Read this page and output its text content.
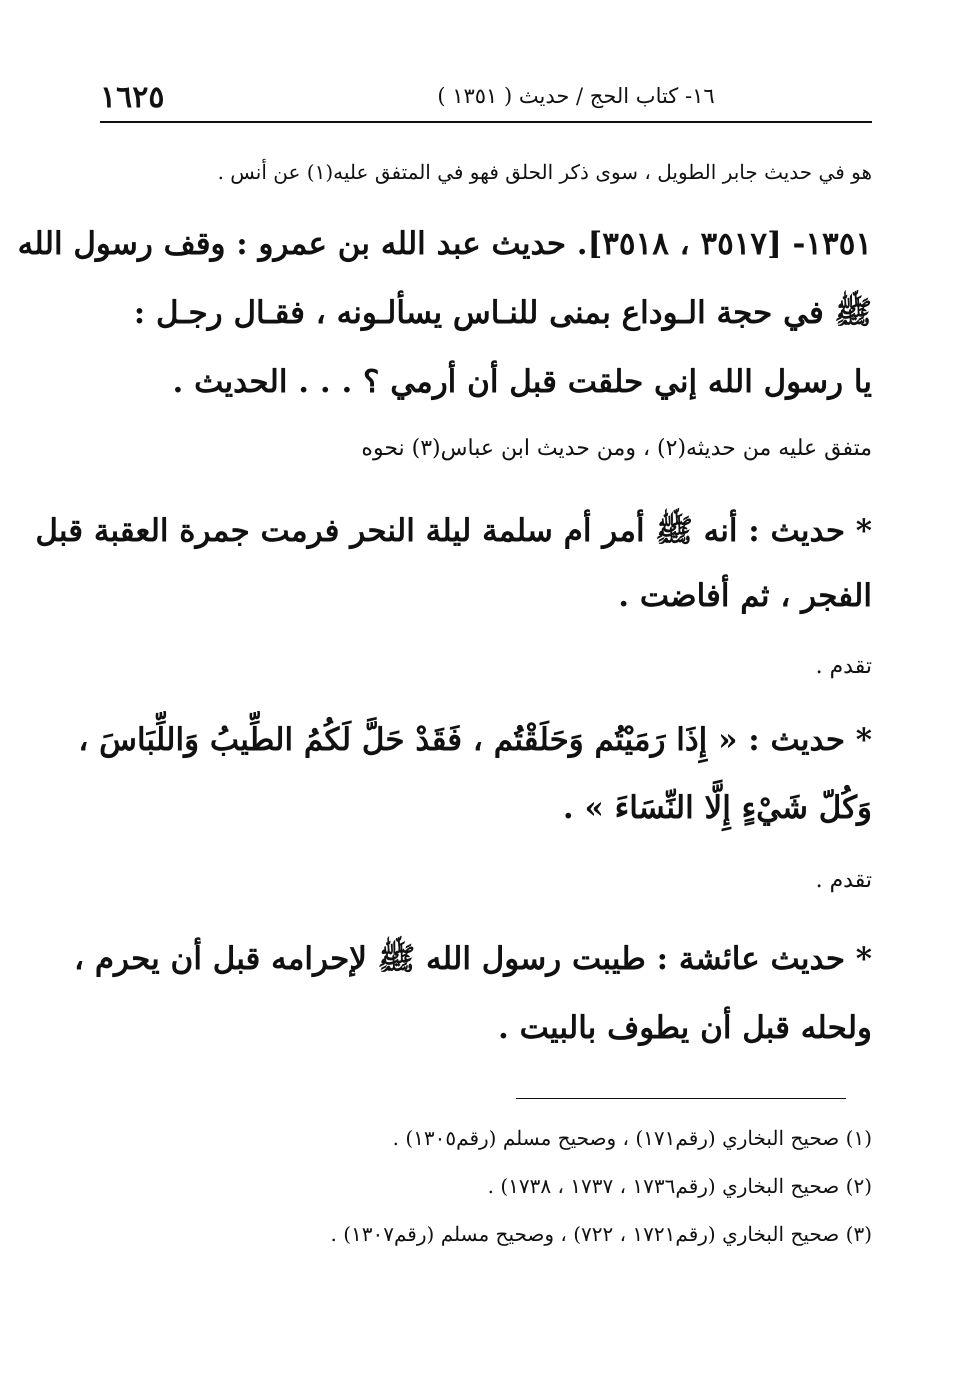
١٦٢٥	١٦- كتاب الحج / حديث ( ١٣٥١ )
هو في حديث جابر الطويل ، سوى ذكر الحلق فهو في المتفق عليه(١) عن أنس .
١٣٥١- [٣٥١٧ ، ٣٥١٨]. حديث عبد الله بن عمرو : وقف رسول الله
ﷺ في حجة الـوداع بمنى للنـاس يسألـونه ، فقـال رجـل :
يا رسول الله إني حلقت قبل أن أرمي ؟ . . . الحديث .
متفق عليه من حديثه(٢) ، ومن حديث ابن عباس(٣) نحوه
* حديث : أنه ﷺ أمر أم سلمة ليلة النحر فرمت جمرة العقبة قبل
الفجر ، ثم أفاضت .
تقدم .
* حديث : « إِذَا رَمَيْتُم وَحَلَقْتُم ، فَقَدْ حَلَّ لَكُمُ الطِّيبُ وَاللِّبَاسَ ،
وَكُلّ شَيْءٍ إِلَّا النِّسَاءَ » .
تقدم .
* حديث عائشة : طيبت رسول الله ﷺ لإحرامه قبل أن يحرم ،
ولحله قبل أن يطوف بالبيت .
(١) صحيح البخاري (رقم١٧١) ، وصحيح مسلم (رقم١٣٠٥) .
(٢) صحيح البخاري (رقم١٧٣٦ ، ١٧٣٧ ، ١٧٣٨) .
(٣) صحيح البخاري (رقم١٧٢١ ، ٧٢٢) ، وصحيح مسلم (رقم١٣٠٧) .
